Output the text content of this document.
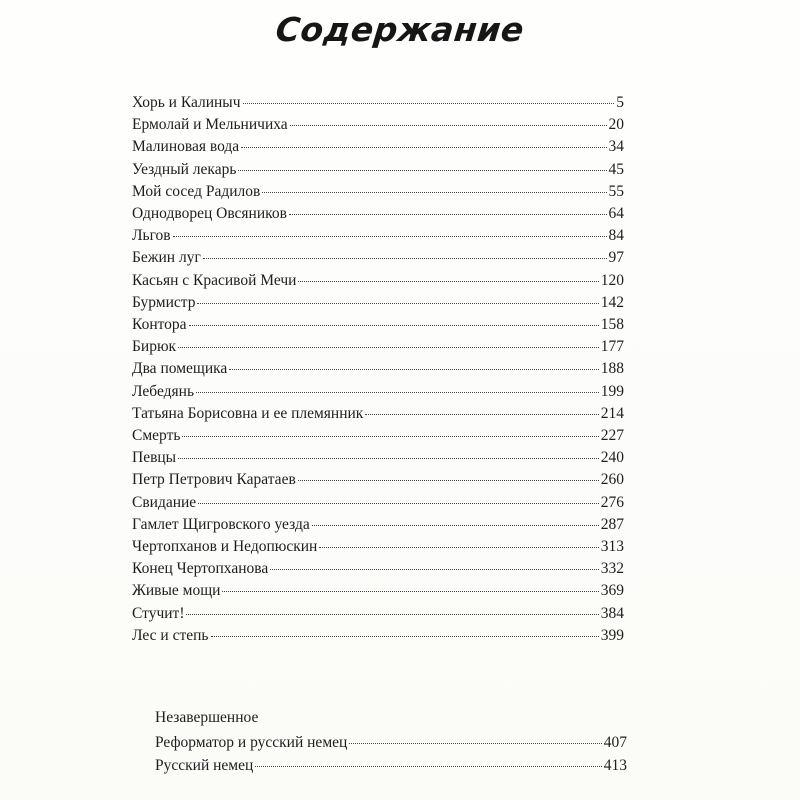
Содержание
Хорь и Калиныч	5
Ермолай и Мельничиха	20
Малиновая вода	34
Уездный лекарь	45
Мой сосед Радилов	55
Однодворец Овсяников	64
Льгов	84
Бежин луг	97
Касьян с Красивой Мечи	120
Бурмистр	142
Контора	158
Бирюк	177
Два помещика	188
Лебедянь	199
Татьяна Борисовна и ее племянник	214
Смерть	227
Певцы	240
Петр Петрович Каратаев	260
Свидание	276
Гамлет Щигровского уезда	287
Чертопханов и Недопюскин	313
Конец Чертопханова	332
Живые мощи	369
Стучит!	384
Лес и степь	399
Незавершенное
Реформатор и русский немец	407
Русский немец	413
